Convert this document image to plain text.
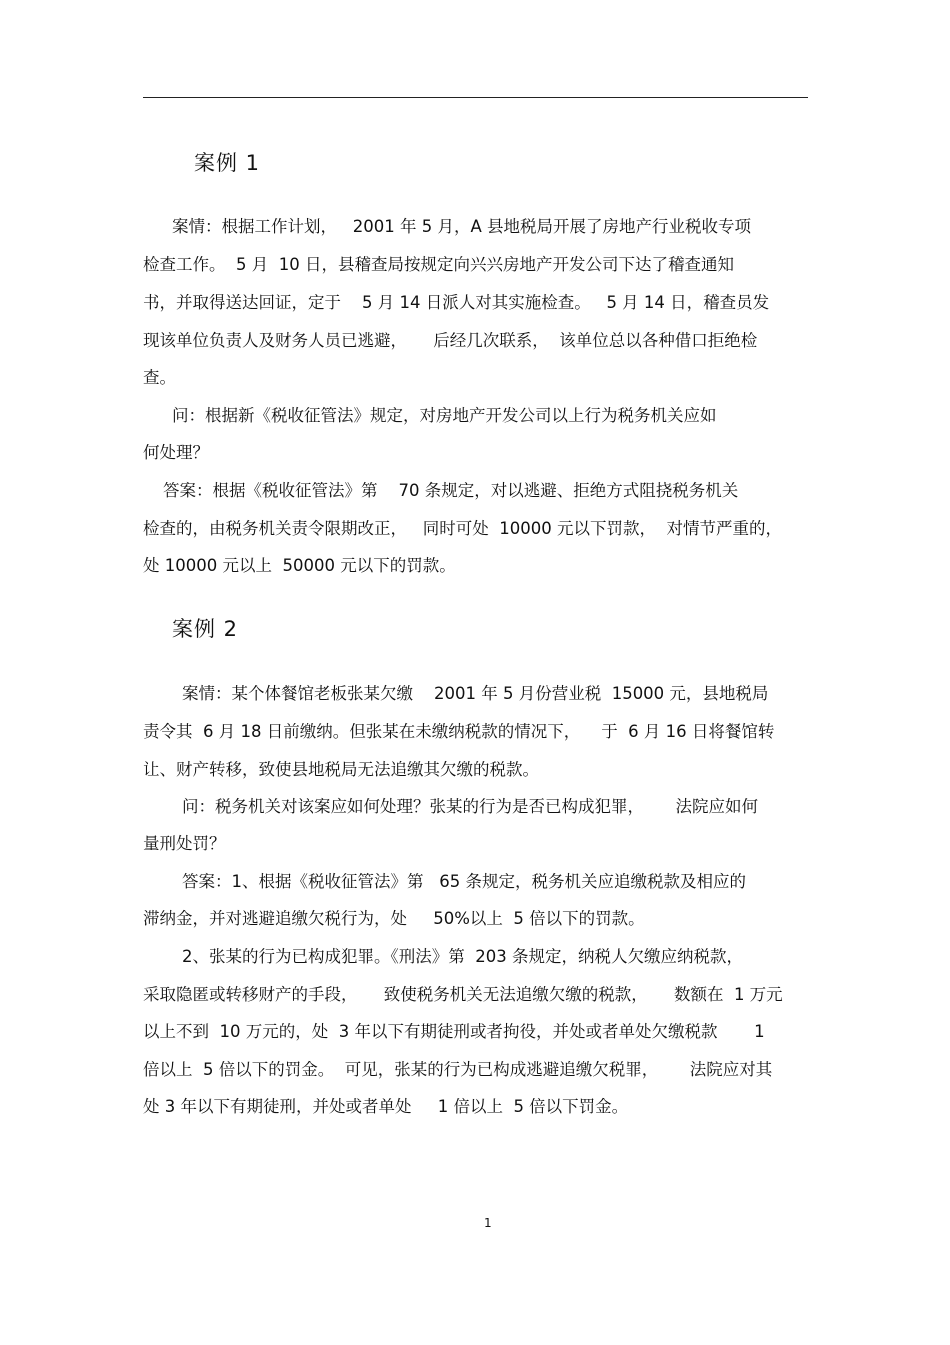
案例 1
案情：根据工作计划，   2001 年 5 月，A 县地税局开展了房地产行业税收专项
检查工作。  5 月  10 日，县稽查局按规定向兴兴房地产开发公司下达了稽查通知
书，并取得送达回证，定于    5 月 14 日派人对其实施检查。   5 月 14 日，稽查员发
现该单位负责人及财务人员已逃避，     后经几次联系，  该单位总以各种借口拒绝检
查。
问：根据新《税收征管法》规定，对房地产开发公司以上行为税务机关应如
何处理？
答案：根据《税收征管法》第    70 条规定，对以逃避、拒绝方式阻挠税务机关
检查的，由税务机关责令限期改正，   同时可处  10000 元以下罚款，  对情节严重的，
处 10000 元以上  50000 元以下的罚款。
案例 2
案情：某个体餐馆老板张某欠缴    2001 年 5 月份营业税  15000 元，县地税局
责令其  6 月 18 日前缴纳。但张某在未缴纳税款的情况下，    于  6 月 16 日将餐馆转
让、财产转移，致使县地税局无法追缴其欠缴的税款。
问：税务机关对该案应如何处理？张某的行为是否已构成犯罪，      法院应如何
量刑处罚？
答案：1、根据《税收征管法》第   65 条规定，税务机关应追缴税款及相应的
滞纳金，并对逃避追缴欠税行为，处     50%以上  5 倍以下的罚款。
2、张某的行为已构成犯罪。《刑法》第  203 条规定，纳税人欠缴应纳税款，
采取隐匿或转移财产的手段，     致使税务机关无法追缴欠缴的税款，     数额在  1 万元
以上不到  10 万元的，处  3 年以下有期徒刑或者拘役，并处或者单处欠缴税款       1
倍以上  5 倍以下的罚金。  可见，张某的行为已构成逃避追缴欠税罪，      法院应对其
处 3 年以下有期徒刑，并处或者单处     1 倍以上  5 倍以下罚金。
1
